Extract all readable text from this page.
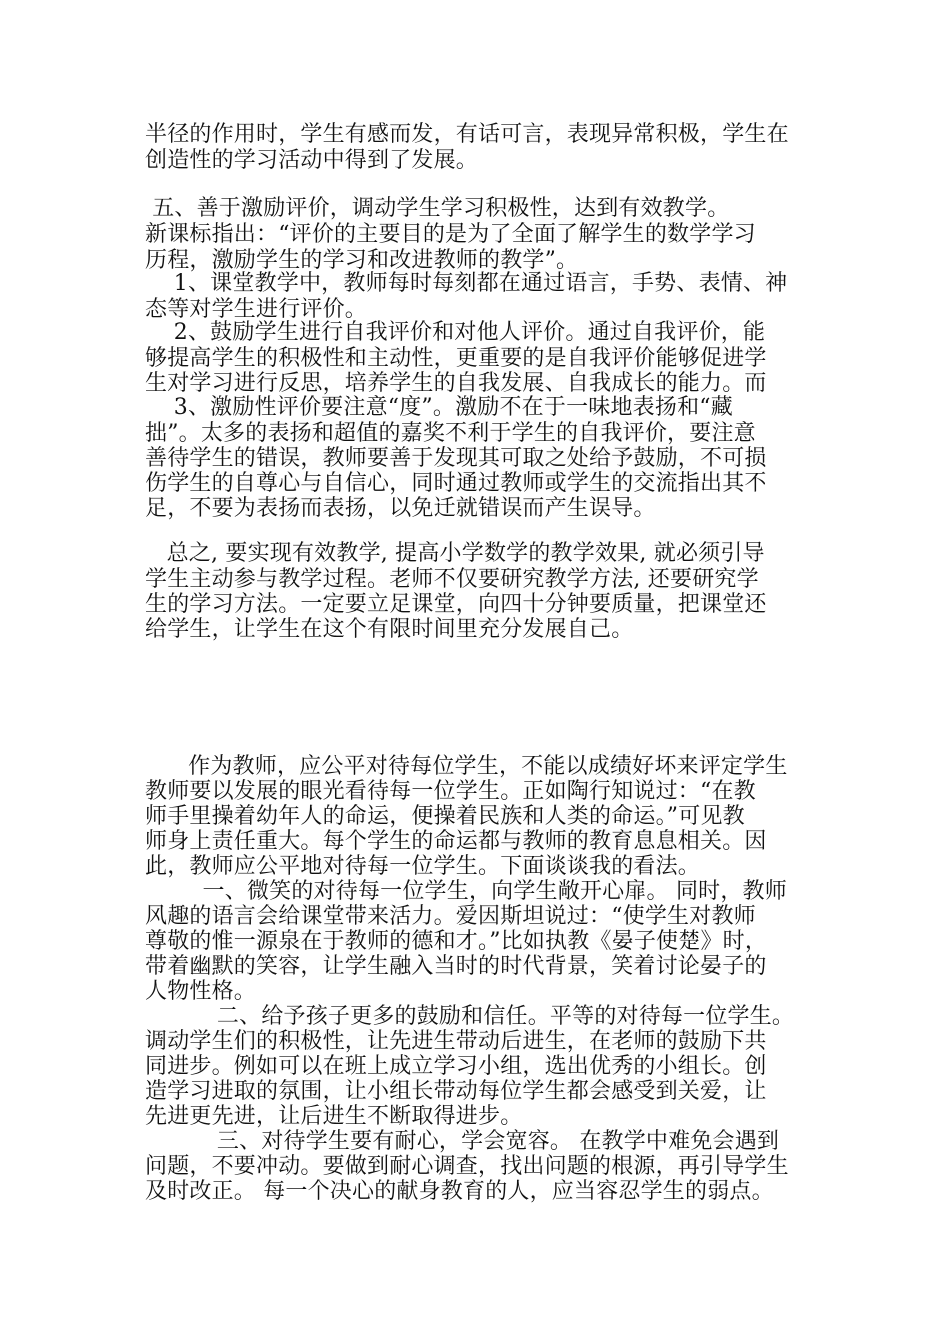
半径的作用时，学生有感而发，有话可言，表现异常积极，学生在
创造性的学习活动中得到了发展。
五、善于激励评价，调动学生学习积极性，达到有效教学。
新课标指出：“评价的主要目的是为了全面了解学生的数学学习
历程，激励学生的学习和改进教师的教学”。
1、课堂教学中，教师每时每刻都在通过语言，手势、表情、神
态等对学生进行评价。
2、鼓励学生进行自我评价和对他人评价。通过自我评价，能
够提高学生的积极性和主动性，更重要的是自我评价能够促进学
生对学习进行反思，培养学生的自我发展、自我成长的能力。而
3、激励性评价要注意“度”。激励不在于一味地表扬和“藏
拙”。太多的表扬和超值的嘉奖不利于学生的自我评价，要注意
善待学生的错误，教师要善于发现其可取之处给予鼓励，不可损
伤学生的自尊心与自信心，同时通过教师或学生的交流指出其不
足，不要为表扬而表扬，以免迁就错误而产生误导。
总之, 要实现有效教学, 提高小学数学的教学效果, 就必须引导
学生主动参与教学过程。老师不仅要研究教学方法, 还要研究学
生的学习方法。一定要立足课堂，向四十分钟要质量，把课堂还
给学生，让学生在这个有限时间里充分发展自己。
作为教师，应公平对待每位学生，不能以成绩好坏来评定学生
教师要以发展的眼光看待每一位学生。正如陶行知说过：“在教
师手里操着幼年人的命运，便操着民族和人类的命运。”可见教
师身上责任重大。每个学生的命运都与教师的教育息息相关。因
此，教师应公平地对待每一位学生。下面谈谈我的看法。
一、微笑的对待每一位学生，向学生敞开心扉。 同时，教师
风趣的语言会给课堂带来活力。爱因斯坦说过：“使学生对教师
尊敬的惟一源泉在于教师的德和才。”比如执教《晏子使楚》时，
带着幽默的笑容，让学生融入当时的时代背景，笑着讨论晏子的
人物性格。
二、给予孩子更多的鼓励和信任。平等的对待每一位学生。
调动学生们的积极性，让先进生带动后进生，在老师的鼓励下共
同进步。例如可以在班上成立学习小组，选出优秀的小组长。创
造学习进取的氛围，让小组长带动每位学生都会感受到关爱，让
先进更先进，让后进生不断取得进步。
三、对待学生要有耐心，学会宽容。 在教学中难免会遇到
问题，不要冲动。要做到耐心调查，找出问题的根源，再引导学生
及时改正。 每一个决心的献身教育的人，应当容忍学生的弱点。
